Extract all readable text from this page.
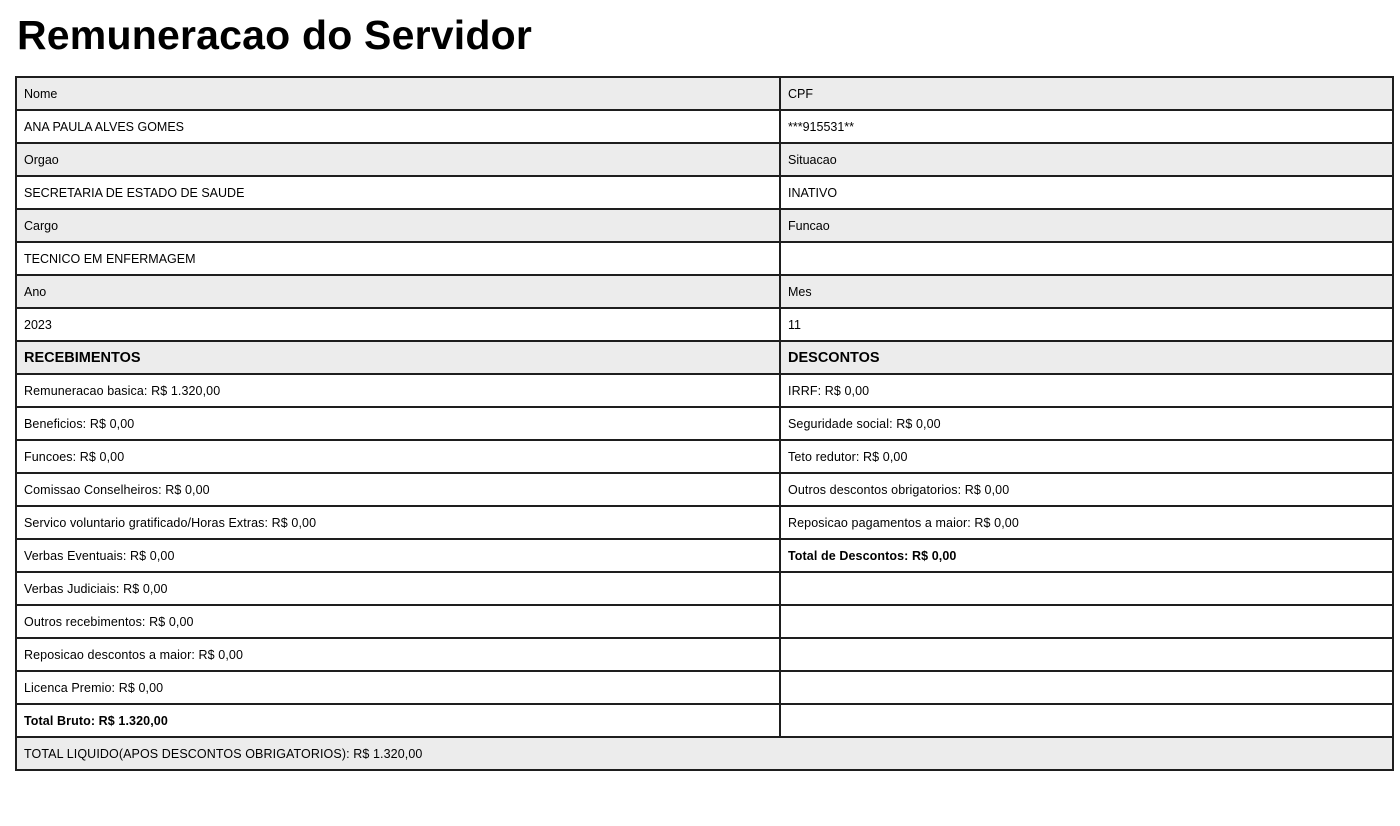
Remuneracao do Servidor
Nome	CPF
ANA PAULA ALVES GOMES	***915531**
Orgao	Situacao
SECRETARIA DE ESTADO DE SAUDE	INATIVO
Cargo	Funcao
TECNICO EM ENFERMAGEM	
Ano	Mes
2023	11
RECEBIMENTOS	DESCONTOS
Remuneracao basica: R$ 1.320,00	IRRF: R$ 0,00
Beneficios: R$ 0,00	Seguridade social: R$ 0,00
Funcoes: R$ 0,00	Teto redutor: R$ 0,00
Comissao Conselheiros: R$ 0,00	Outros descontos obrigatorios: R$ 0,00
Servico voluntario gratificado/Horas Extras: R$ 0,00	Reposicao pagamentos a maior: R$ 0,00
Verbas Eventuais: R$ 0,00	Total de Descontos: R$ 0,00
Verbas Judiciais: R$ 0,00	
Outros recebimentos: R$ 0,00	
Reposicao descontos a maior: R$ 0,00	
Licenca Premio: R$ 0,00	
Total Bruto: R$ 1.320,00	
TOTAL LIQUIDO(APOS DESCONTOS OBRIGATORIOS): R$ 1.320,00	
